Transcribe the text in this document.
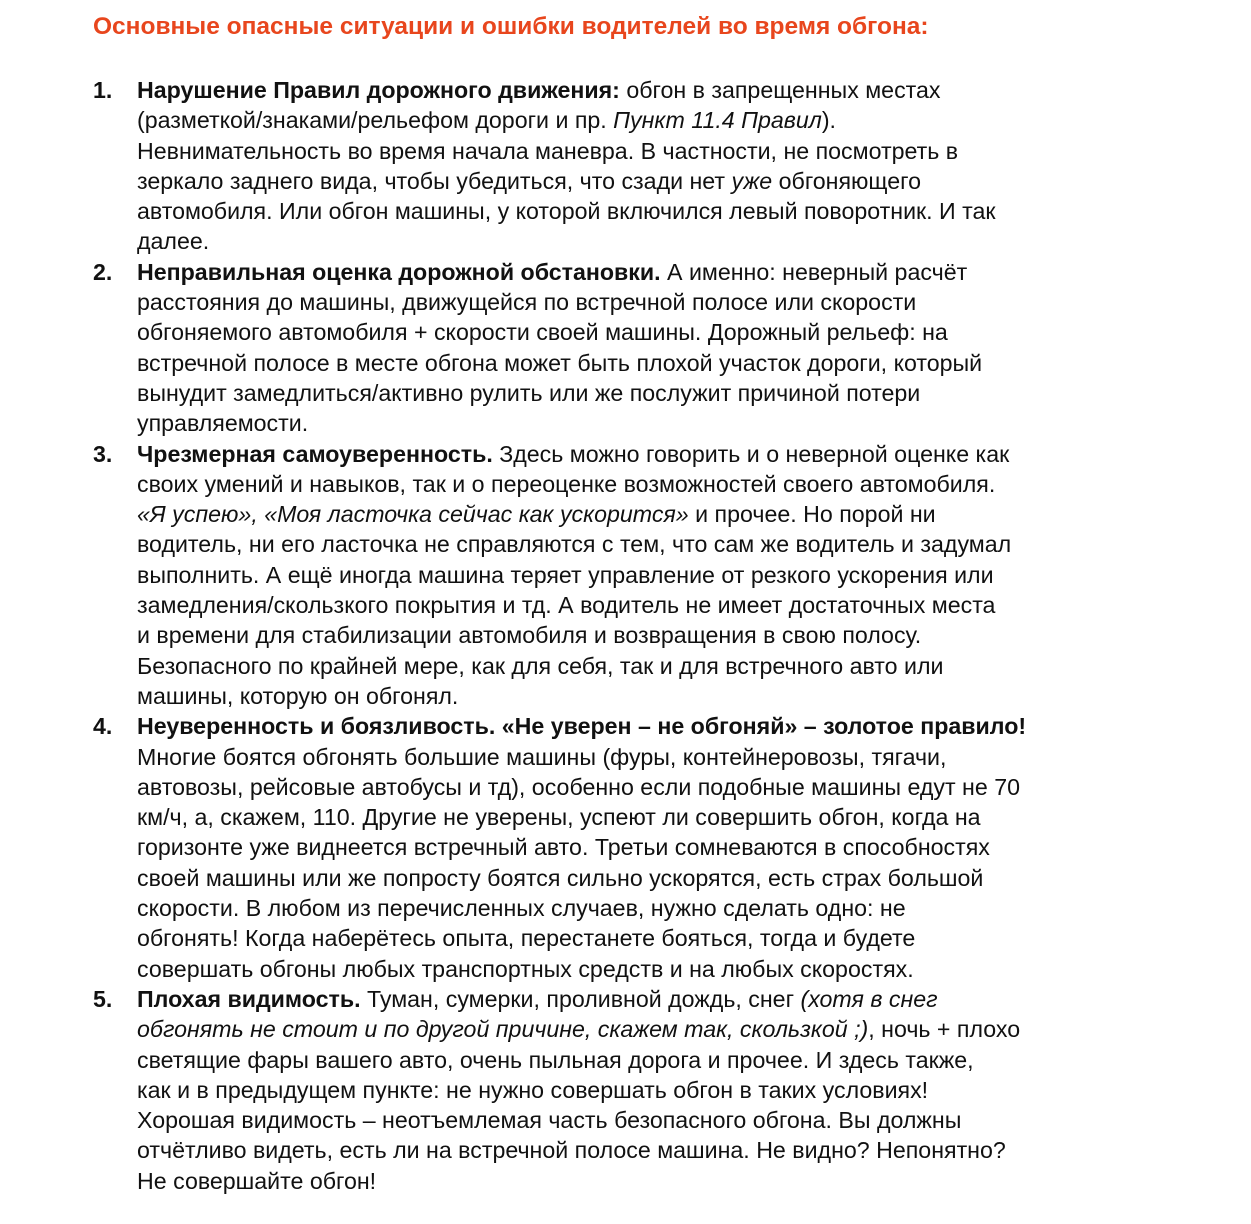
Основные опасные ситуации и ошибки водителей во время обгона:
1. Нарушение Правил дорожного движения: обгон в запрещенных местах
(разметкой/знаками/рельефом дороги и пр. Пункт 11.4 Правил).
Невнимательность во время начала маневра. В частности, не посмотреть в
зеркало заднего вида, чтобы убедиться, что сзади нет уже обгоняющего
автомобиля. Или обгон машины, у которой включился левый поворотник. И так
далее.
2. Неправильная оценка дорожной обстановки. А именно: неверный расчёт
расстояния до машины, движущейся по встречной полосе или скорости
обгоняемого автомобиля + скорости своей машины. Дорожный рельеф: на
встречной полосе в месте обгона может быть плохой участок дороги, который
вынудит замедлиться/активно рулить или же послужит причиной потери
управляемости.
3. Чрезмерная самоуверенность. Здесь можно говорить и о неверной оценке как
своих умений и навыков, так и о переоценке возможностей своего автомобиля.
«Я успею», «Моя ласточка сейчас как ускорится» и прочее. Но порой ни
водитель, ни его ласточка не справляются с тем, что сам же водитель и задумал
выполнить. А ещё иногда машина теряет управление от резкого ускорения или
замедления/скользкого покрытия и тд. А водитель не имеет достаточных места
и времени для стабилизации автомобиля и возвращения в свою полосу.
Безопасного по крайней мере, как для себя, так и для встречного авто или
машины, которую он обгонял.
4. Неуверенность и боязливость. «Не уверен – не обгоняй» – золотое правило!
Многие боятся обгонять большие машины (фуры, контейнеровозы, тягачи,
автовозы, рейсовые автобусы и тд), особенно если подобные машины едут не 70
км/ч, а, скажем, 110. Другие не уверены, успеют ли совершить обгон, когда на
горизонте уже виднеется встречный авто. Третьи сомневаются в способностях
своей машины или же попросту боятся сильно ускорятся, есть страх большой
скорости. В любом из перечисленных случаев, нужно сделать одно: не
обгонять! Когда наберётесь опыта, перестанете бояться, тогда и будете
совершать обгоны любых транспортных средств и на любых скоростях.
5. Плохая видимость. Туман, сумерки, проливной дождь, снег (хотя в снег
обгонять не стоит и по другой причине, скажем так, скользкой ;), ночь + плохо
светящие фары вашего авто, очень пыльная дорога и прочее. И здесь также,
как и в предыдущем пункте: не нужно совершать обгон в таких условиях!
Хорошая видимость – неотъемлемая часть безопасного обгона. Вы должны
отчётливо видеть, есть ли на встречной полосе машина. Не видно? Непонятно?
Не совершайте обгон!
